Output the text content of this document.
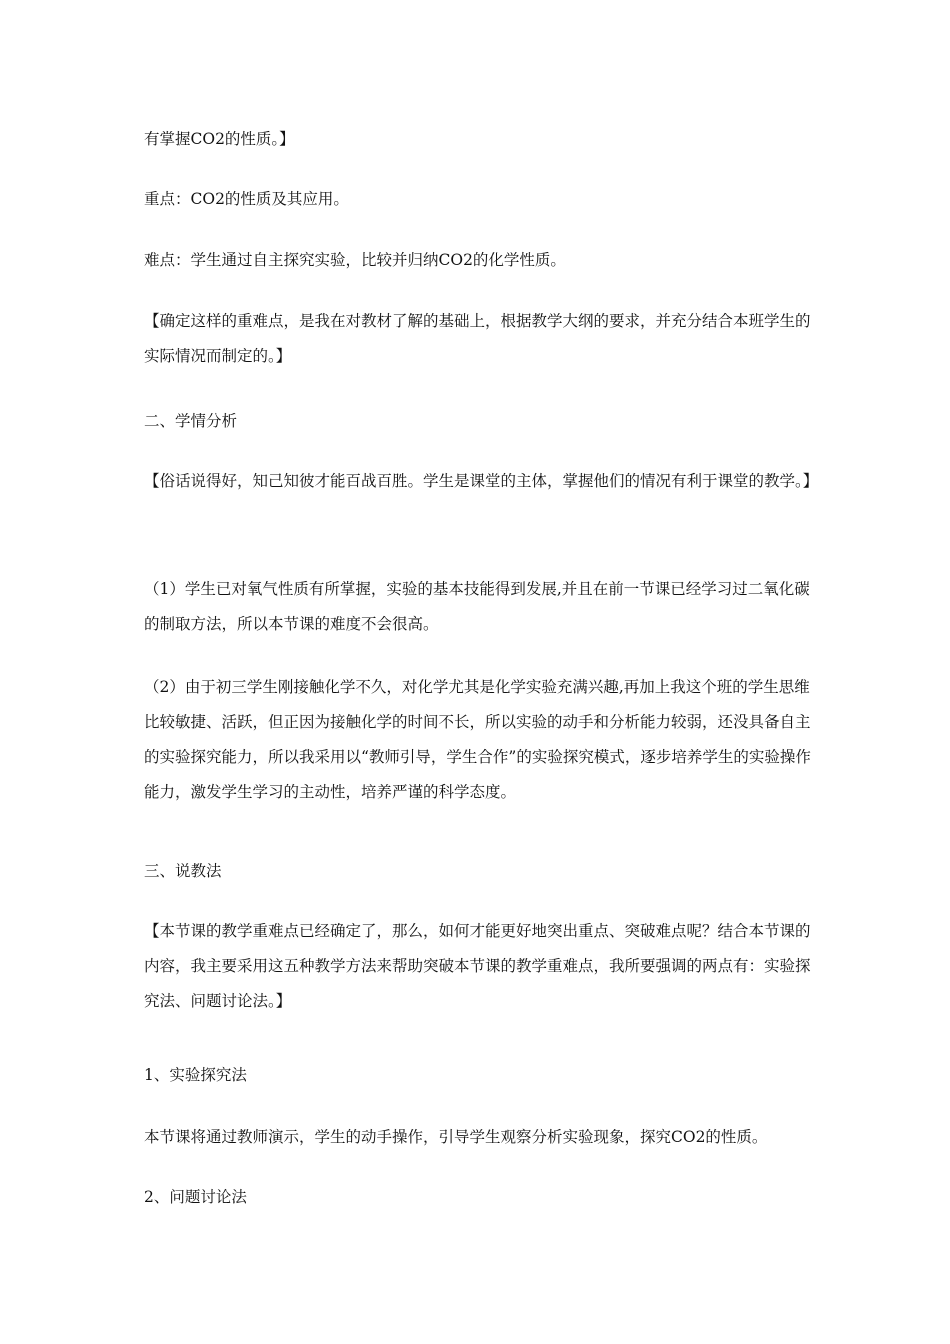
有掌握CO2的性质。】

重点：CO2的性质及其应用。

难点：学生通过自主探究实验，比较并归纳CO2的化学性质。

【确定这样的重难点，是我在对教材了解的基础上，根据教学大纲的要求，并充分结合本班学生的实际情况而制定的。】

二、学情分析

【俗话说得好，知己知彼才能百战百胜。学生是课堂的主体，掌握他们的情况有利于课堂的教学。】

（1）学生已对氧气性质有所掌握，实验的基本技能得到发展,并且在前一节课已经学习过二氧化碳的制取方法，所以本节课的难度不会很高。

（2）由于初三学生刚接触化学不久，对化学尤其是化学实验充满兴趣,再加上我这个班的学生思维比较敏捷、活跃，但正因为接触化学的时间不长，所以实验的动手和分析能力较弱，还没具备自主的实验探究能力，所以我采用以“教师引导，学生合作”的实验探究模式，逐步培养学生的实验操作能力，激发学生学习的主动性，培养严谨的科学态度。

三、说教法

【本节课的教学重难点已经确定了，那么，如何才能更好地突出重点、突破难点呢？结合本节课的内容，我主要采用这五种教学方法来帮助突破本节课的教学重难点，我所要强调的两点有：实验探究法、问题讨论法。】

1、实验探究法

本节课将通过教师演示，学生的动手操作，引导学生观察分析实验现象，探究CO2的性质。

2、问题讨论法
